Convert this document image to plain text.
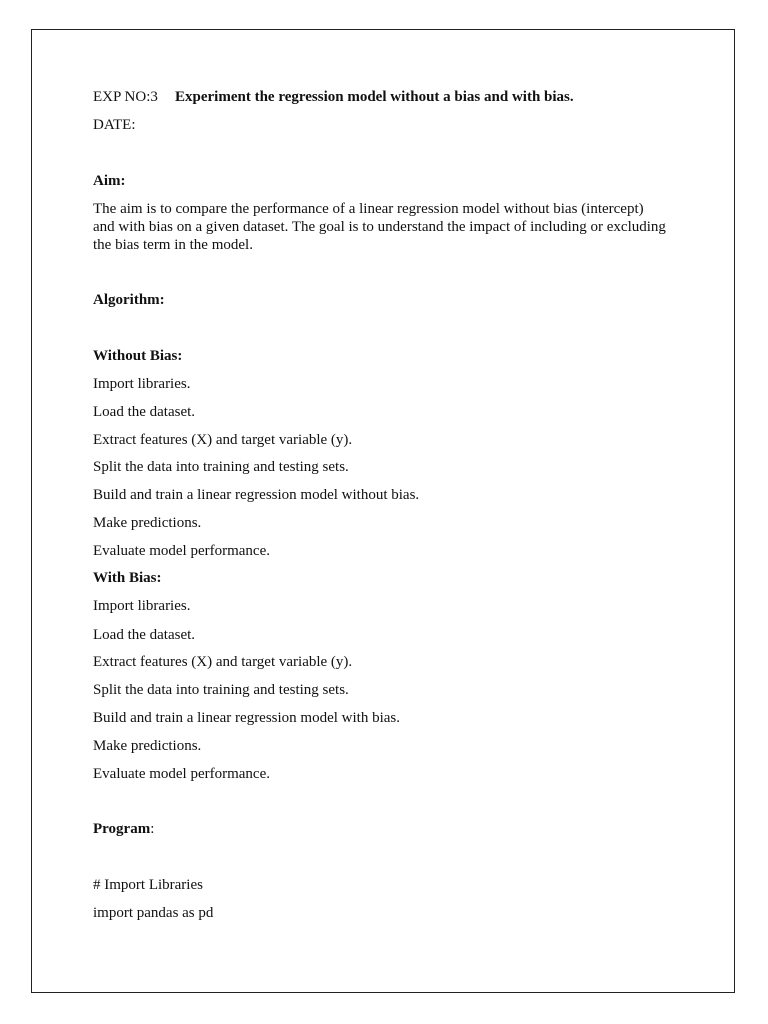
EXP NO:3 Experiment the regression model without a bias and with bias.
DATE:
Aim:
The aim is to compare the performance of a linear regression model without bias (intercept) and with bias on a given dataset. The goal is to understand the impact of including or excluding the bias term in the model.
Algorithm:
Without Bias:
Import libraries.
Load the dataset.
Extract features (X) and target variable (y).
Split the data into training and testing sets.
Build and train a linear regression model without bias.
Make predictions.
Evaluate model performance.
With Bias:
Import libraries.
Load the dataset.
Extract features (X) and target variable (y).
Split the data into training and testing sets.
Build and train a linear regression model with bias.
Make predictions.
Evaluate model performance.
Program:
# Import Libraries
import pandas as pd
